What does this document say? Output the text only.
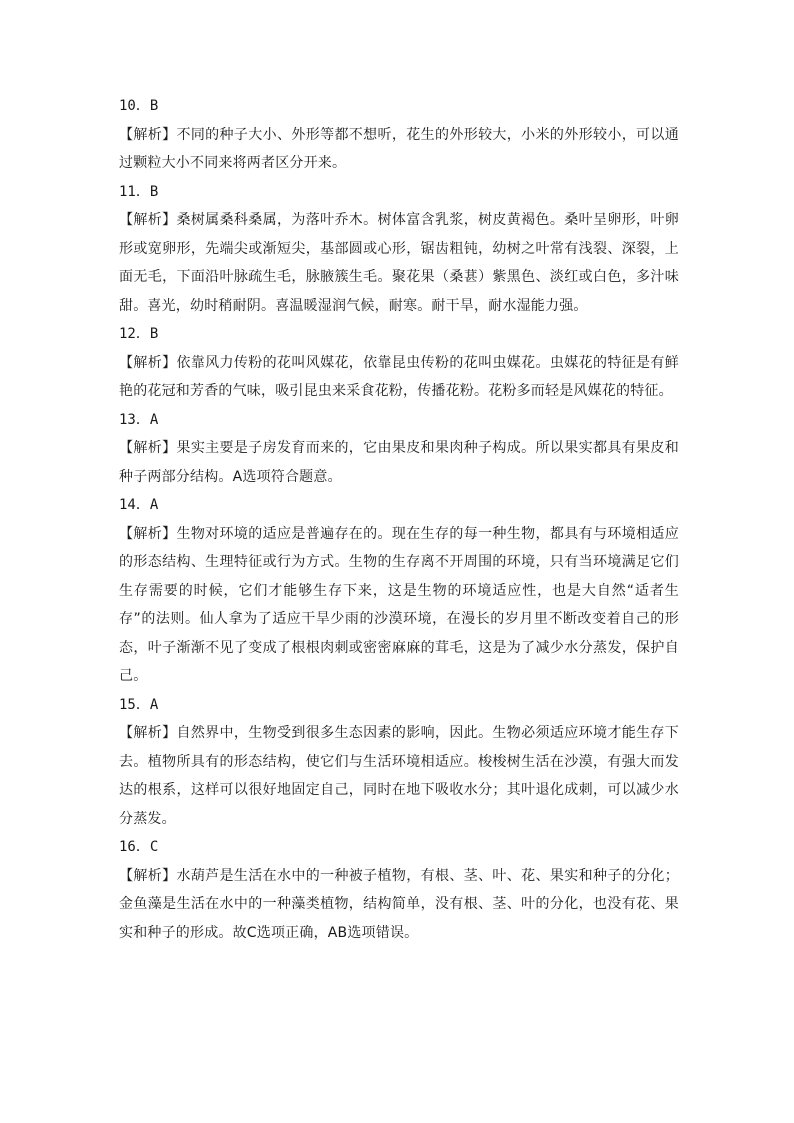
10．B

【解析】不同的种子大小、外形等都不想听，花生的外形较大，小米的外形较小，可以通过颗粒大小不同来将两者区分开来。

11．B

【解析】桑树属桑科桑属，为落叶乔木。树体富含乳浆，树皮黄褐色。桑叶呈卵形，叶卵形或宽卵形，先端尖或渐短尖，基部圆或心形，锯齿粗钝，幼树之叶常有浅裂、深裂，上面无毛，下面沿叶脉疏生毛，脉腋簇生毛。聚花果（桑葚）紫黑色、淡红或白色，多汁味甜。喜光，幼时稍耐阴。喜温暖湿润气候，耐寒。耐干旱，耐水湿能力强。

12．B

【解析】依靠风力传粉的花叫风媒花，依靠昆虫传粉的花叫虫媒花。虫媒花的特征是有鲜艳的花冠和芳香的气味，吸引昆虫来采食花粉，传播花粉。花粉多而轻是风媒花的特征。

13．A

【解析】果实主要是子房发育而来的，它由果皮和果肉种子构成。所以果实都具有果皮和种子两部分结构。A选项符合题意。

14．A

【解析】生物对环境的适应是普遍存在的。现在生存的每一种生物，都具有与环境相适应的形态结构、生理特征或行为方式。生物的生存离不开周围的环境，只有当环境满足它们生存需要的时候，它们才能够生存下来，这是生物的环境适应性，也是大自然“适者生存”的法则。仙人拿为了适应干旱少雨的沙漠环境，在漫长的岁月里不断改变着自己的形态，叶子渐渐不见了变成了根根肉刺或密密麻麻的茸毛，这是为了减少水分蒸发，保护自己。

15．A

【解析】自然界中，生物受到很多生态因素的影响，因此。生物必须适应环境才能生存下去。植物所具有的形态结构，使它们与生活环境相适应。梭梭树生活在沙漠，有强大而发达的根系，这样可以很好地固定自己，同时在地下吸收水分；其叶退化成刺，可以减少水分蒸发。

16．C

【解析】水葫芦是生活在水中的一种被子植物，有根、茎、叶、花、果实和种子的分化；金鱼藻是生活在水中的一种藻类植物，结构简单，没有根、茎、叶的分化，也没有花、果实和种子的形成。故C选项正确，AB选项错误。
